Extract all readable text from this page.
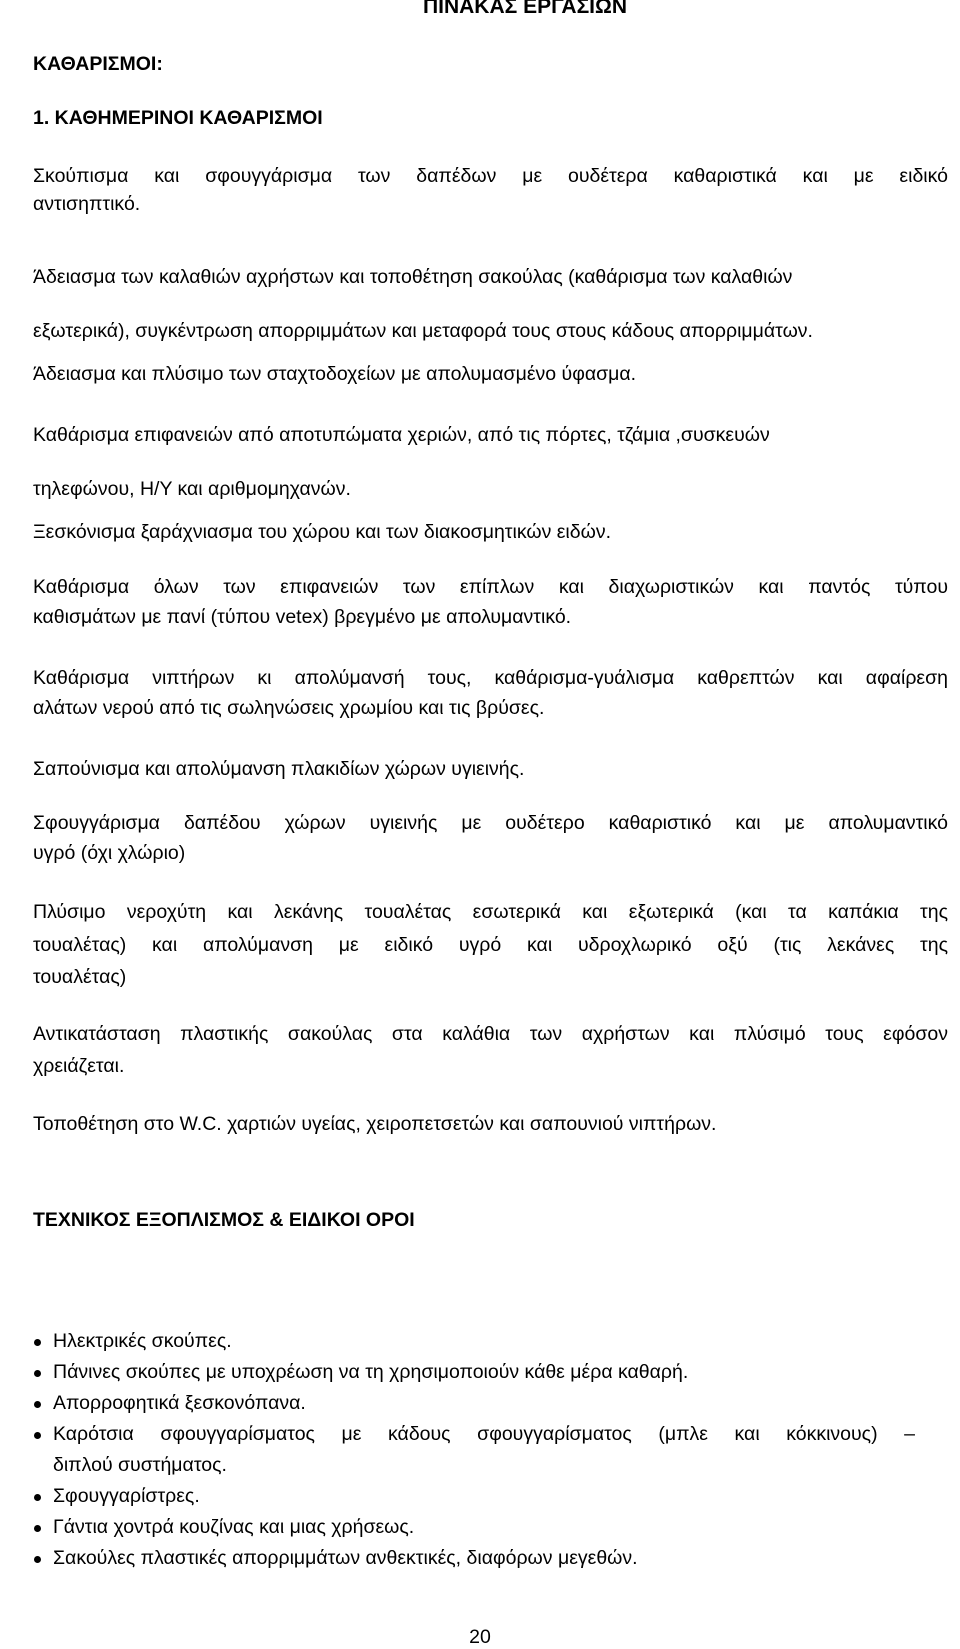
ΠΙΝΑΚΑΣ ΕΡΓΑΣΙΩΝ
ΚΑΘΑΡΙΣΜΟΙ:
1. ΚΑΘΗΜΕΡΙΝΟΙ ΚΑΘΑΡΙΣΜΟΙ
Σκούπισμα και σφουγγάρισμα των δαπέδων με ουδέτερα καθαριστικά και με ειδικό
αντισηπτικό.
Άδειασμα των καλαθιών αχρήστων και τοποθέτηση σακούλας (καθάρισμα των καλαθιών
εξωτερικά), συγκέντρωση απορριμμάτων και μεταφορά τους στους κάδους απορριμμάτων.
Άδειασμα και πλύσιμο των σταχτοδοχείων με απολυμασμένο ύφασμα.
Καθάρισμα επιφανειών από αποτυπώματα χεριών, από τις πόρτες, τζάμια ,συσκευών
τηλεφώνου, Η/Υ και αριθμομηχανών.
Ξεσκόνισμα ξαράχνιασμα του χώρου και των διακοσμητικών ειδών.
Καθάρισμα όλων των επιφανειών των επίπλων και διαχωριστικών και παντός τύπου
καθισμάτων με πανί (τύπου vetex) βρεγμένο με απολυμαντικό.
Καθάρισμα νιπτήρων κι απολύμανσή τους, καθάρισμα-γυάλισμα καθρεπτών και αφαίρεση
αλάτων νερού από τις σωληνώσεις χρωμίου και τις βρύσες.
Σαπούνισμα και απολύμανση πλακιδίων χώρων υγιεινής.
Σφουγγάρισμα δαπέδου χώρων υγιεινής με ουδέτερο καθαριστικό και με απολυμαντικό
υγρό (όχι χλώριο)
Πλύσιμο νεροχύτη και λεκάνης τουαλέτας εσωτερικά και εξωτερικά (και τα καπάκια της
τουαλέτας) και απολύμανση με ειδικό υγρό και υδροχλωρικό οξύ (τις λεκάνες της
τουαλέτας)
Αντικατάσταση πλαστικής σακούλας στα καλάθια των αχρήστων και πλύσιμό τους εφόσον
χρειάζεται.
Τοποθέτηση στο W.C. χαρτιών υγείας, χειροπετσετών και σαπουνιού νιπτήρων.
ΤΕΧΝΙΚΟΣ ΕΞΟΠΛΙΣΜΟΣ & ΕΙΔΙΚΟΙ ΟΡΟΙ
Ηλεκτρικές σκούπες.
Πάνινες σκούπες με υποχρέωση να τη χρησιμοποιούν κάθε μέρα καθαρή.
Απορροφητικά ξεσκονόπανα.
Καρότσια σφουγγαρίσματος με κάδους σφουγγαρίσματος (μπλε και κόκκινους) –
διπλού συστήματος.
Σφουγγαρίστρες.
Γάντια χοντρά κουζίνας και μιας χρήσεως.
Σακούλες πλαστικές απορριμμάτων ανθεκτικές, διαφόρων μεγεθών.
20
